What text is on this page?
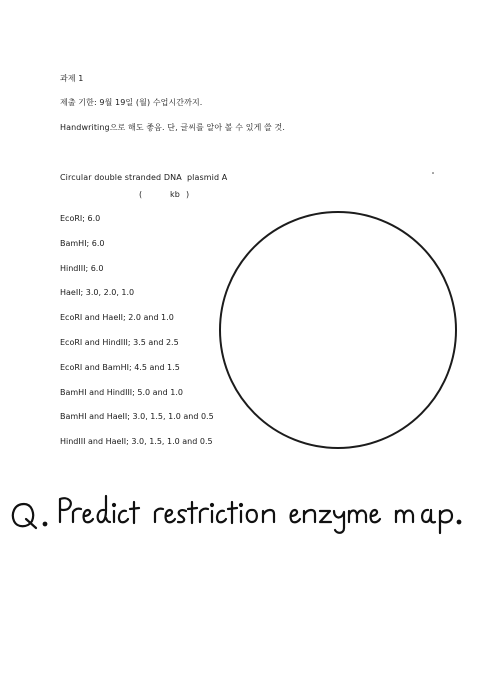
과제 1
제출 기한: 9월 19일 (월) 수업시간까지.
Handwriting으로 해도 좋음. 단, 글씨를 알아 볼 수 있게 쓸 것.
Circular double stranded DNA plasmid A
(	kb )
EcoRI; 6.0
BamHI; 6.0
HindIII; 6.0
HaeII; 3.0, 2.0, 1.0
EcoRI and HaeII; 2.0 and 1.0
EcoRI and HindIII; 3.5 and 2.5
EcoRI and BamHI; 4.5 and 1.5
BamHI and HindIII; 5.0 and 1.0
BamHI and HaeII; 3.0, 1.5, 1.0 and 0.5
HindIII and HaeII; 3.0, 1.5, 1.0 and 0.5
